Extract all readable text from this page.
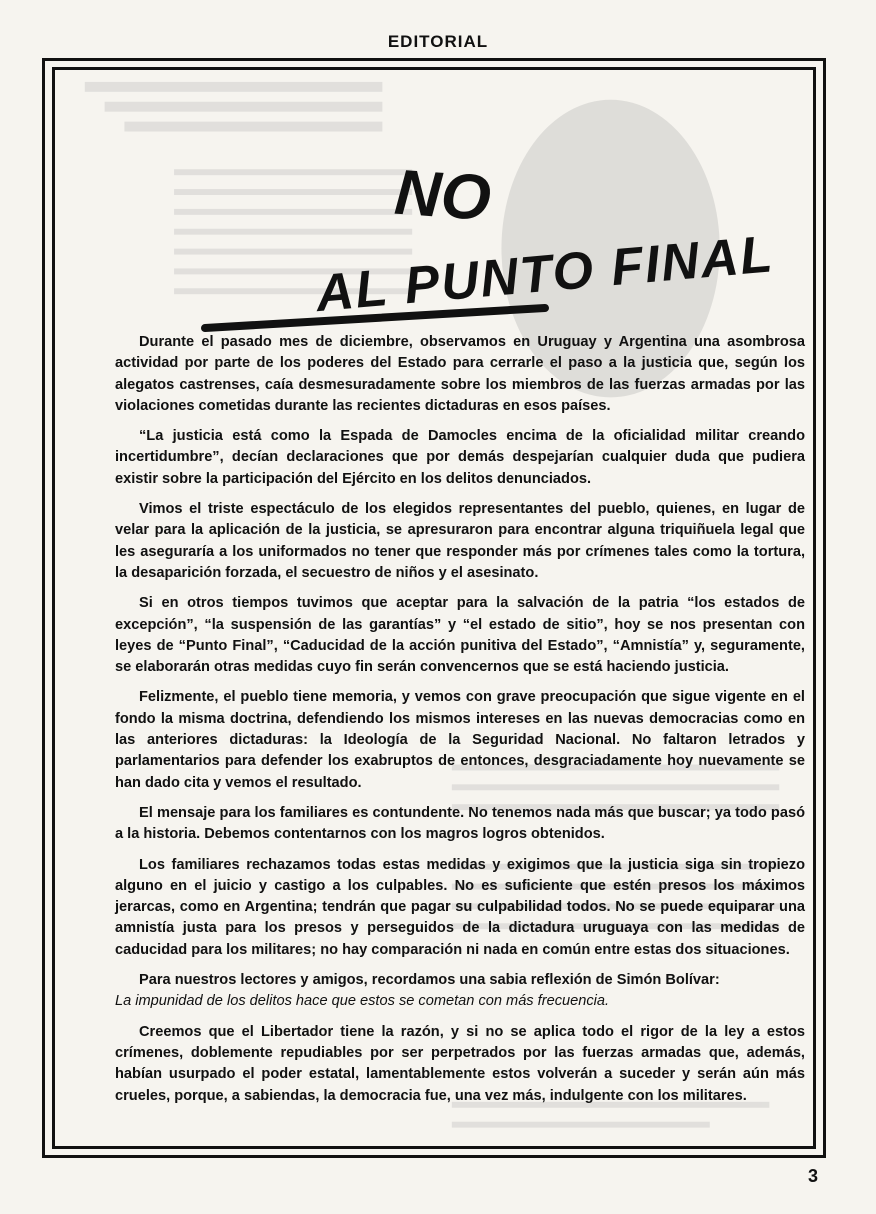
EDITORIAL
NO
AL PUNTO FINAL

Durante el pasado mes de diciembre, observamos en Uruguay y Argentina una asombrosa actividad por parte de los poderes del Estado para cerrarle el paso a la justicia que, según los alegatos castrenses, caía desmesuradamente sobre los miembros de las fuerzas armadas por las violaciones cometidas durante las recientes dictaduras en esos países.

“La justicia está como la Espada de Damocles encima de la oficialidad militar creando incertidumbre”, decían declaraciones que por demás despejarían cualquier duda que pudiera existir sobre la participación del Ejército en los delitos denunciados.

Vimos el triste espectáculo de los elegidos representantes del pueblo, quienes, en lugar de velar para la aplicación de la justicia, se apresuraron para encontrar alguna triquiñuela legal que les aseguraría a los uniformados no tener que responder más por crímenes tales como la tortura, la desaparición forzada, el secuestro de niños y el asesinato.

Si en otros tiempos tuvimos que aceptar para la salvación de la patria “los estados de excepción”, “la suspensión de las garantías” y “el estado de sitio”, hoy se nos presentan con leyes de “Punto Final”, “Caducidad de la acción punitiva del Estado”, “Amnistía” y, seguramente, se elaborarán otras medidas cuyo fin serán convencernos que se está haciendo justicia.

Felizmente, el pueblo tiene memoria, y vemos con grave preocupación que sigue vigente en el fondo la misma doctrina, defendiendo los mismos intereses en las nuevas democracias como en las anteriores dictaduras: la Ideología de la Seguridad Nacional. No faltaron letrados y parlamentarios para defender los exabruptos de entonces, desgraciadamente hoy nuevamente se han dado cita y vemos el resultado.

El mensaje para los familiares es contundente. No tenemos nada más que buscar; ya todo pasó a la historia. Debemos contentarnos con los magros logros obtenidos.

Los familiares rechazamos todas estas medidas y exigimos que la justicia siga sin tropiezo alguno en el juicio y castigo a los culpables. No es suficiente que estén presos los máximos jerarcas, como en Argentina; tendrán que pagar su culpabilidad todos. No se puede equiparar una amnistía justa para los presos y perseguidos de la dictadura uruguaya con las medidas de caducidad para los militares; no hay comparación ni nada en común entre estas dos situaciones.

Para nuestros lectores y amigos, recordamos una sabia reflexión de Simón Bolívar:

La impunidad de los delitos hace que estos se cometan con más frecuencia.

Creemos que el Libertador tiene la razón, y si no se aplica todo el rigor de la ley a estos crímenes, doblemente repudiables por ser perpetrados por las fuerzas armadas que, además, habían usurpado el poder estatal, lamentablemente estos volverán a suceder y serán aún más crueles, porque, a sabiendas, la democracia fue, una vez más, indulgente con los militares.

3
